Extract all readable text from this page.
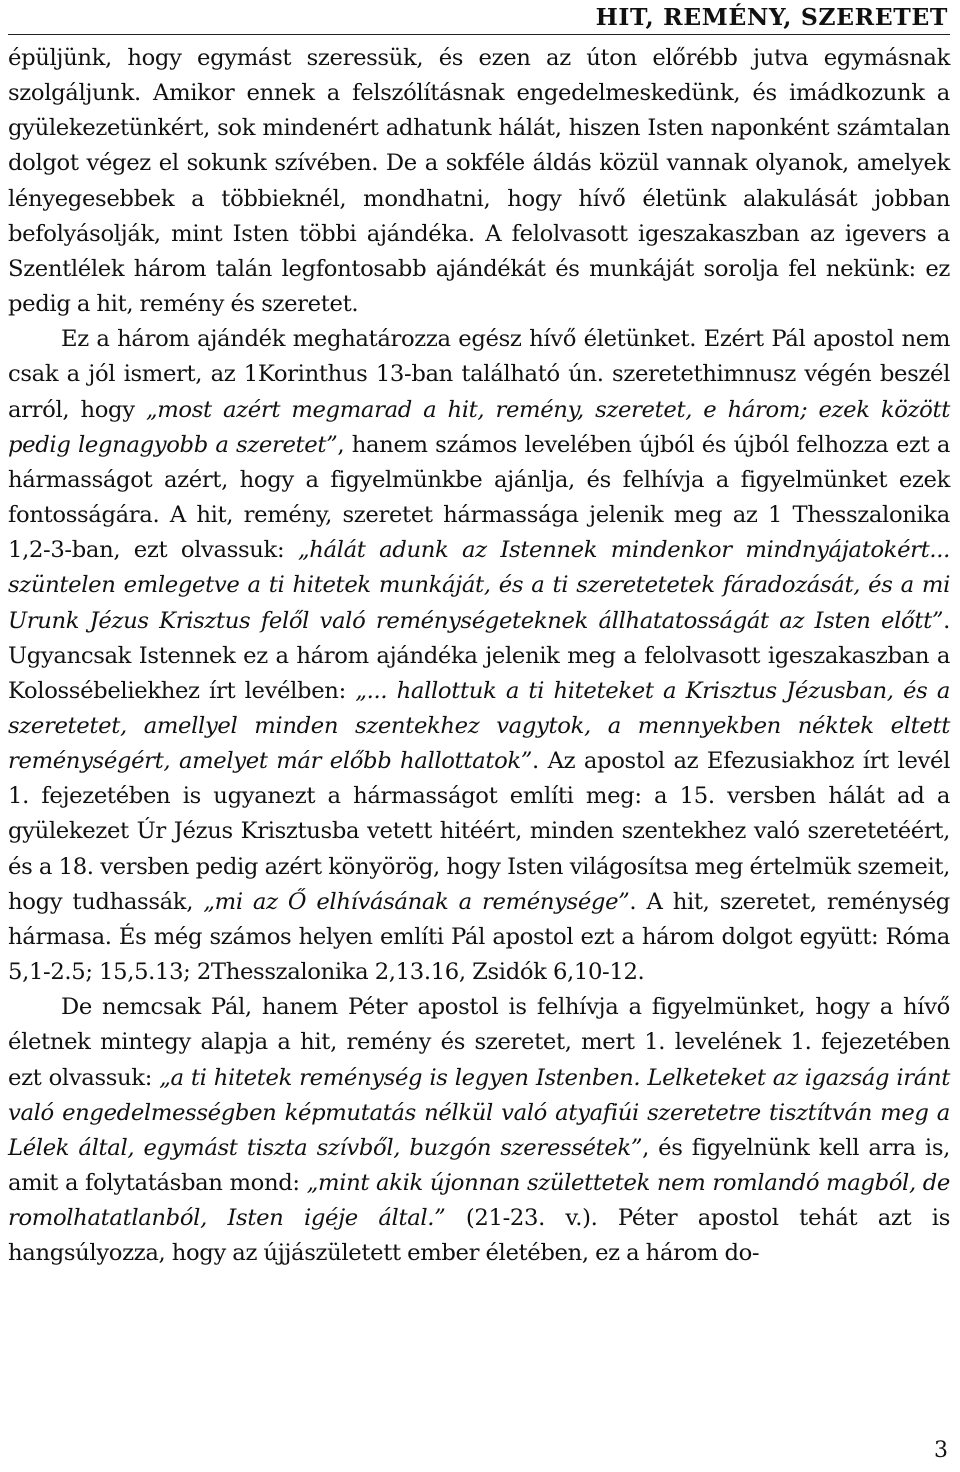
HIT, REMÉNY, SZERETET

épüljünk, hogy egymást szeressük, és ezen az úton előrébb jutva egymásnak szolgáljunk. Amikor ennek a felszólításnak engedelmeskedünk, és imádkozunk a gyülekezetünkért, sok mindenért adhatunk hálát, hiszen Isten naponként számtalan dolgot végez el sokunk szívében. De a sokféle áldás közül vannak olyanok, amelyek lényegesebbek a többieknél, mondhatni, hogy hívő életünk alakulását jobban befolyásolják, mint Isten többi ajándéka. A felolvasott igeszakaszban az igevers a Szentlélek három talán legfontosabb ajándékát és munkáját sorolja fel nekünk: ez pedig a hit, remény és szeretet.

Ez a három ajándék meghatározza egész hívő életünket. Ezért Pál apostol nem csak a jól ismert, az 1Korinthus 13-ban található ún. szeretethimnusz végén beszél arról, hogy „most azért megmarad a hit, remény, szeretet, e három; ezek között pedig legnagyobb a szeretet”, hanem számos levelében újból és újból felhozza ezt a hármasságot azért, hogy a figyelmünkbe ajánlja, és felhívja a figyelmünket ezek fontosságára. A hit, remény, szeretet hármassága jelenik meg az 1 Thesszalonika 1,2-3-ban, ezt olvassuk: „hálát adunk az Istennek mindenkor mindnyájatokért... szüntelen emlegetve a ti hitetek munkáját, és a ti szeretetetek fáradozását, és a mi Urunk Jézus Krisztus felől való reménységeteknek állhatatosságát az Isten előtt”. Ugyancsak Istennek ez a három ajándéka jelenik meg a felolvasott igeszakaszban a Kolossébeliekhez írt levélben: „... hallottuk a ti hiteteket a Krisztus Jézusban, és a szeretetet, amellyel minden szentekhez vagytok, a mennyekben néktek eltett reménységért, amelyet már előbb hallottatok”. Az apostol az Efezusiakhoz írt levél 1. fejezetében is ugyanezt a hármasságot említi meg: a 15. versben hálát ad a gyülekezet Úr Jézus Krisztusba vetett hitéért, minden szentekhez való szeretetéért, és a 18. versben pedig azért könyörög, hogy Isten világosítsa meg értelmük szemeit, hogy tudhassák, „mi az Ő elhívásának a reménysége”. A hit, szeretet, reménység hármasa. És még számos helyen említi Pál apostol ezt a három dolgot együtt: Róma 5,1-2.5; 15,5.13; 2Thesszalonika 2,13.16, Zsidók 6,10-12.

De nemcsak Pál, hanem Péter apostol is felhívja a figyelmünket, hogy a hívő életnek mintegy alapja a hit, remény és szeretet, mert 1. levelének 1. fejezetében ezt olvassuk: „a ti hitetek reménység is legyen Istenben. Lelketeket az igazság iránt való engedelmességben képmutatás nélkül való atyafiúi szeretetre tisztítván meg a Lélek által, egymást tiszta szívből, buzgón szeressétek”, és figyelnünk kell arra is, amit a folytatásban mond: „mint akik újonnan születtetek nem romlandó magból, de romolhatatlanból, Isten igéje által.” (21-23. v.). Péter apostol tehát azt is hangsúlyozza, hogy az újjászületett ember életében, ez a három do-

3
